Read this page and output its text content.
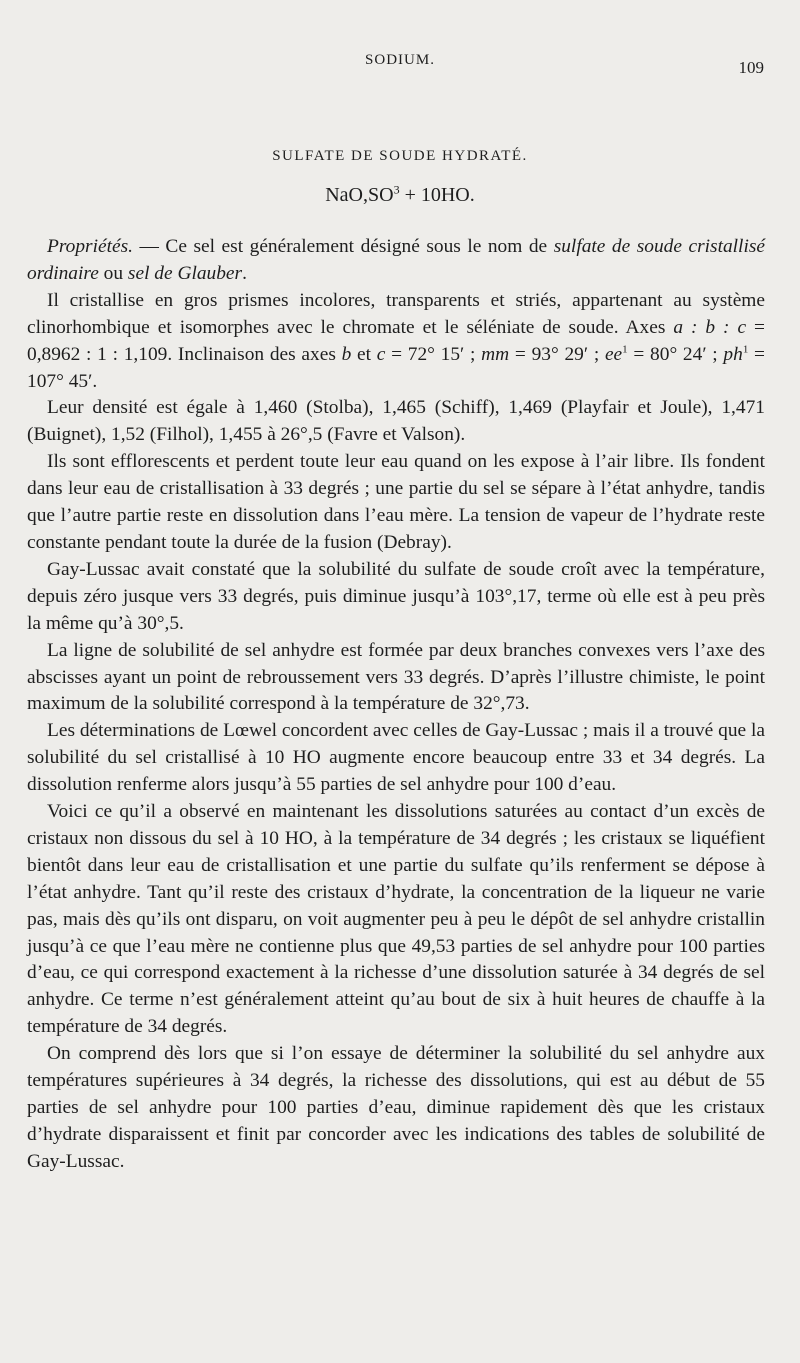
SODIUM.	109
SULFATE DE SOUDE HYDRATÉ.
$NaO,SO^3 + 10HO$.

Propriétés. — Ce sel est généralement désigné sous le nom de sulfate de soude cristallisé ordinaire ou sel de Glauber.

Il cristallise en gros prismes incolores, transparents et striés, appartenant au système clinorhombique et isomorphes avec le chromate et le séléniate de soude. Axes a : b : c = 0,8962 : 1 : 1,109. Inclinaison des axes b et c = 72° 15′ ; mm = 93° 29′ ; $ee^1 = 80^\circ$ 24′ ; $ph^1 = 107^\circ$ 45′.

Leur densité est égale à 1,460 (Stolba), 1,465 (Schiff), 1,469 (Playfair et Joule), 1,471 (Buignet), 1,52 (Filhol), 1,455 à 26°,5 (Favre et Valson).

Ils sont efflorescents et perdent toute leur eau quand on les expose à l’air libre. Ils fondent dans leur eau de cristallisation à 33 degrés ; une partie du sel se sépare à l’état anhydre, tandis que l’autre partie reste en dissolution dans l’eau mère. La tension de vapeur de l’hydrate reste constante pendant toute la durée de la fusion (Debray).

Gay-Lussac avait constaté que la solubilité du sulfate de soude croît avec la température, depuis zéro jusque vers 33 degrés, puis diminue jusqu’à 103°,17, terme où elle est à peu près la même qu’à 30°,5.

La ligne de solubilité de sel anhydre est formée par deux branches convexes vers l’axe des abscisses ayant un point de rebroussement vers 33 degrés. D’après l’illustre chimiste, le point maximum de la solubilité correspond à la température de 32°,73.

Les déterminations de Lœwel concordent avec celles de Gay-Lussac ; mais il a trouvé que la solubilité du sel cristallisé à 10 HO augmente encore beaucoup entre 33 et 34 degrés. La dissolution renferme alors jusqu’à 55 parties de sel anhydre pour 100 d’eau.

Voici ce qu’il a observé en maintenant les dissolutions saturées au contact d’un excès de cristaux non dissous du sel à 10 HO, à la température de 34 degrés ; les cristaux se liquéfient bientôt dans leur eau de cristallisation et une partie du sulfate qu’ils renferment se dépose à l’état anhydre. Tant qu’il reste des cristaux d’hydrate, la concentration de la liqueur ne varie pas, mais dès qu’ils ont disparu, on voit augmenter peu à peu le dépôt de sel anhydre cristallin jusqu’à ce que l’eau mère ne contienne plus que 49,53 parties de sel anhydre pour 100 parties d’eau, ce qui correspond exactement à la richesse d’une dissolution saturée à 34 degrés de sel anhydre. Ce terme n’est généralement atteint qu’au bout de six à huit heures de chauffe à la température de 34 degrés.

On comprend dès lors que si l’on essaye de déterminer la solubilité du sel anhydre aux températures supérieures à 34 degrés, la richesse des dissolutions, qui est au début de 55 parties de sel anhydre pour 100 parties d’eau, diminue rapidement dès que les cristaux d’hydrate disparaissent et finit par concorder avec les indications des tables de solubilité de Gay-Lussac.
